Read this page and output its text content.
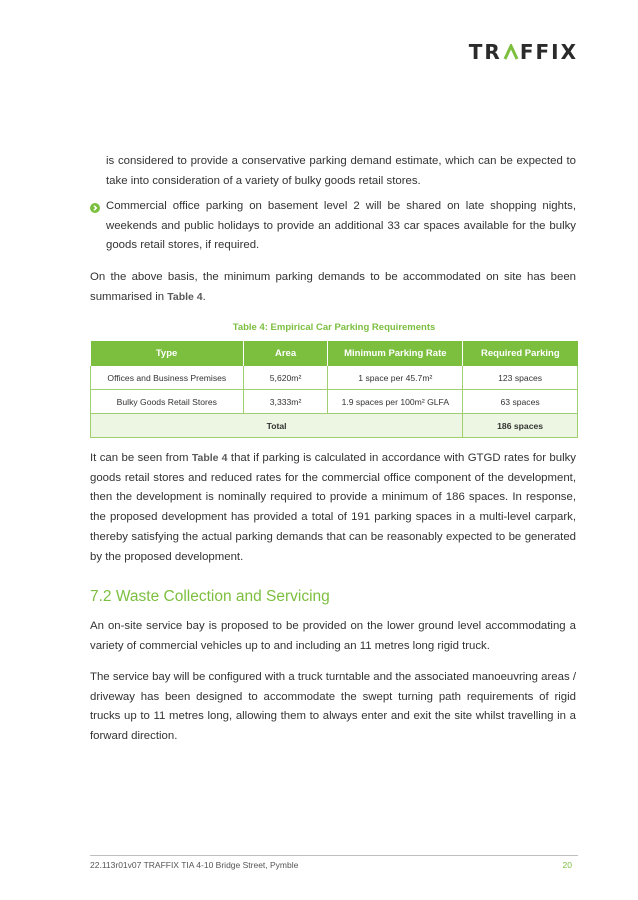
TR FFIX

is considered to provide a conservative parking demand estimate, which can be expected to take into consideration of a variety of bulky goods retail stores.

Commercial office parking on basement level 2 will be shared on late shopping nights, weekends and public holidays to provide an additional 33 car spaces available for the bulky goods retail stores, if required.

On the above basis, the minimum parking demands to be accommodated on site has been summarised in Table 4.

Table 4: Empirical Car Parking Requirements
Type	Area	Minimum Parking Rate	Required Parking
Offices and Business Premises	5,620m²	1 space per 45.7m²	123 spaces
Bulky Goods Retail Stores	3,333m²	1.9 spaces per 100m² GLFA	63 spaces
Total			186 spaces

It can be seen from Table 4 that if parking is calculated in accordance with GTGD rates for bulky goods retail stores and reduced rates for the commercial office component of the development, then the development is nominally required to provide a minimum of 186 spaces. In response, the proposed development has provided a total of 191 parking spaces in a multi-level carpark, thereby satisfying the actual parking demands that can be reasonably expected to be generated by the proposed development.

7.2 Waste Collection and Servicing

An on-site service bay is proposed to be provided on the lower ground level accommodating a variety of commercial vehicles up to and including an 11 metres long rigid truck.

The service bay will be configured with a truck turntable and the associated manoeuvring areas / driveway has been designed to accommodate the swept turning path requirements of rigid trucks up to 11 metres long, allowing them to always enter and exit the site whilst travelling in a forward direction.

22.113r01v07 TRAFFIX TIA 4-10 Bridge Street, Pymble	20
